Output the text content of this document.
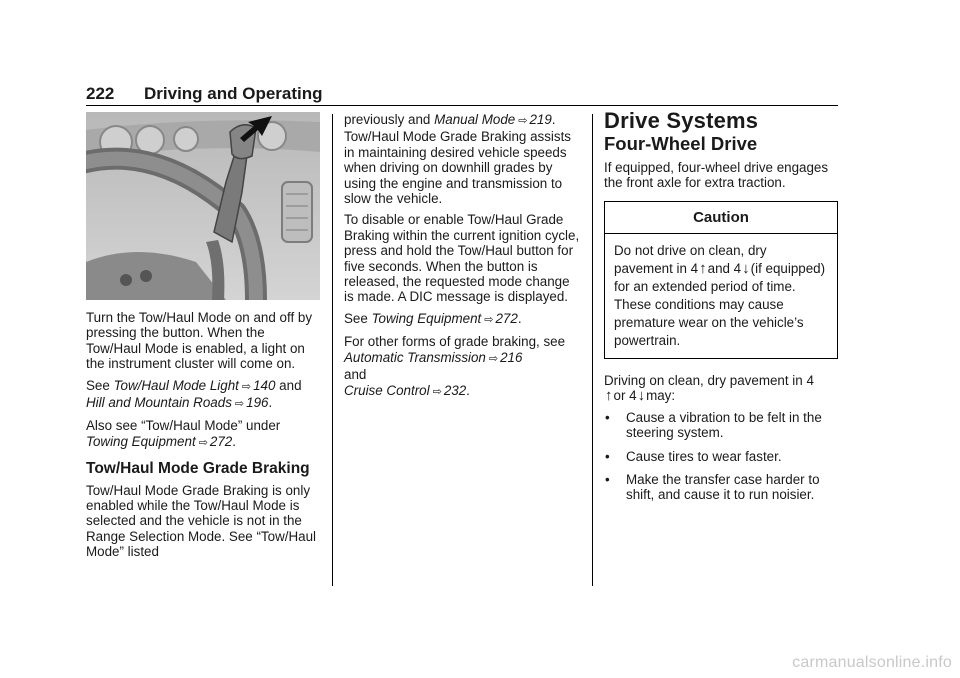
222 Driving and Operating

Turn the Tow/Haul Mode on and off by pressing the button. When the Tow/Haul Mode is enabled, a light on the instrument cluster will come on.

See Tow/Haul Mode Light ⇨ 140 and Hill and Mountain Roads ⇨ 196.

Also see “Tow/Haul Mode” under Towing Equipment ⇨ 272.

Tow/Haul Mode Grade Braking

Tow/Haul Mode Grade Braking is only enabled while the Tow/Haul Mode is selected and the vehicle is not in the Range Selection Mode. See “Tow/Haul Mode” listed

previously and Manual Mode ⇨ 219. Tow/Haul Mode Grade Braking assists in maintaining desired vehicle speeds when driving on downhill grades by using the engine and transmission to slow the vehicle.

To disable or enable Tow/Haul Grade Braking within the current ignition cycle, press and hold the Tow/Haul button for five seconds. When the button is released, the requested mode change is made. A DIC message is displayed.

See Towing Equipment ⇨ 272.

For other forms of grade braking, see Automatic Transmission ⇨ 216
and
Cruise Control ⇨ 232.

Drive Systems
Four-Wheel Drive

If equipped, four-wheel drive engages the front axle for extra traction.

Caution
Do not drive on clean, dry pavement in 4↑and 4↓(if equipped) for an extended period of time. These conditions may cause premature wear on the vehicle’s powertrain.

Driving on clean, dry pavement in 4
↑or 4↓may:

• Cause a vibration to be felt in the steering system.
• Cause tires to wear faster.
• Make the transfer case harder to shift, and cause it to run noisier.
carmanualsonline.info
